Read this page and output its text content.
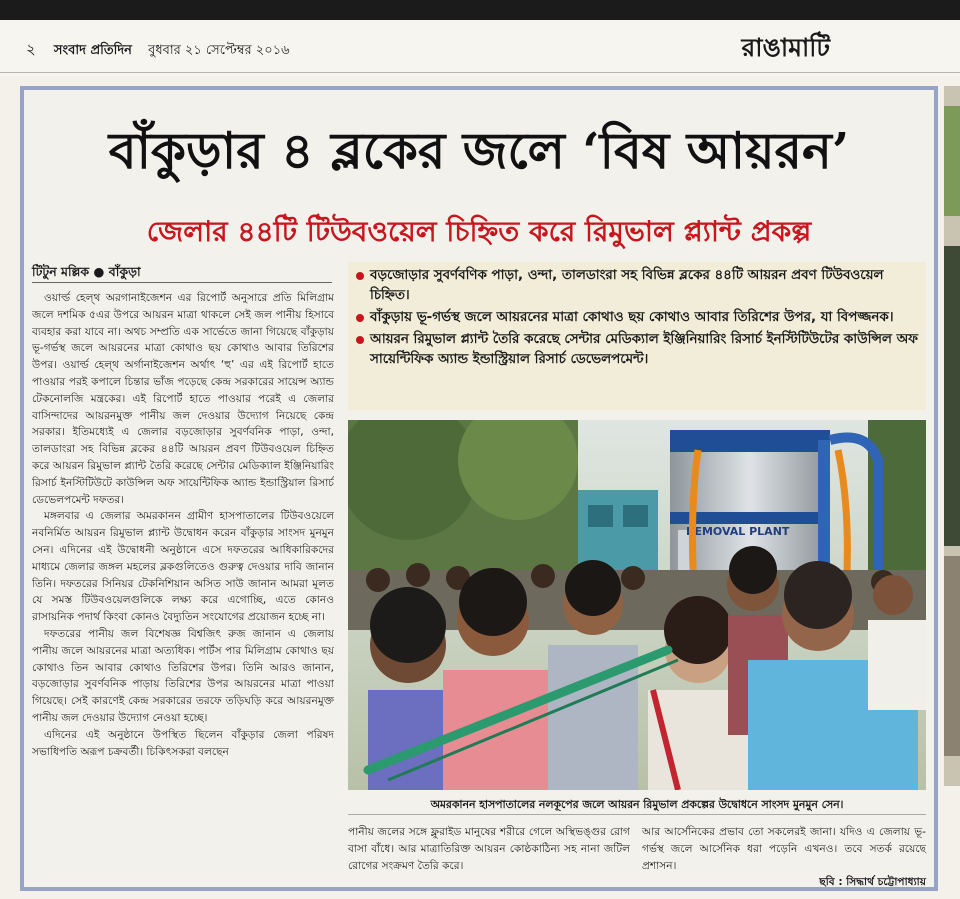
২ সংবাদ প্রতিদিন বুধবার ২১ সেপ্টেম্বর ২০১৬	রাঙামাটি
বাঁকুড়ার ৪ ব্লকের জলে ‘বিষ আয়রন’
জেলার ৪৪টি টিউবওয়েল চিহ্নিত করে রিমুভাল প্ল্যান্ট প্রকল্প
টিটুন মল্লিক ● বাঁকুড়া

ওয়ার্ল্ড হেল্থ অরগানাইজেশন এর রিপোর্ট অনুসারে প্রতি মিলিগ্রাম জলে দশমিক ৫এর উপরে আয়রন মাত্রা থাকলে সেই জল পানীয় হিসাবে ব্যবহার করা যাবে না। অথচ সম্প্রতি এক সার্ভেতে জানা গিয়েছে বাঁকুড়ায় ভূ-গর্ভস্থ জলে আয়রনের মাত্রা কোথাও ছয় কোথাও আবার তিরিশের উপর। ওয়ার্ল্ড হেল্থ অর্গানাইজেশন অর্থাৎ ‘হু’ এর এই রিপোর্ট হাতে পাওয়ার পরই কপালে চিন্তার ভাঁজ পড়েছে কেন্দ্র সরকারের সায়েন্স অ্যান্ড টেকনোলজি মন্ত্রকের। এই রিপোর্ট হাতে পাওয়ার পরেই এ জেলার বাসিন্দাদের আয়রনমুক্ত পানীয় জল দেওয়ার উদ্যোগ নিয়েছে কেন্দ্র সরকার। ইতিমধ্যেই এ জেলার বড়জোড়ার সুবর্ণবনিক পাড়া, ওন্দা, তালডাংরা সহ বিভিন্ন ব্লকের ৪৪টি আয়রন প্রবণ টিউবওয়েল চিহ্নিত করে আয়রন রিমুভাল প্ল্যান্ট তৈরি করেছে সেন্টার মেডিক্যাল ইঞ্জিনিয়ারিং রিসার্চ ইনস্টিটিউটে কাউন্সিল অফ সায়েন্টিফিক অ্যান্ড ইন্ডাস্ট্রিয়াল রিসার্চ ডেভেলপমেন্ট দফতর।

মঙ্গলবার এ জেলার অমরকানন গ্রামীণ হাসপাতালের টিউবওয়েলে নবনির্মিত আয়রন রিমুভাল প্ল্যান্ট উদ্বোধন করেন বাঁকুড়ার সাংসদ মুনমুন সেন। এদিনের এই উদ্বোধনী অনুষ্ঠানে এসে দফতরের আধিকারিকদের মাধ্যমে জেলার জঙ্গল মহলের ব্লকগুলিতেও গুরুত্ব দেওয়ার দাবি জানান তিনি। দফতরের সিনিয়র টেকনিশিয়ান অসিত সাউ জানান আমরা মূলত যে সমস্ত টিউবওয়েলগুলিকে লক্ষ্য করে এগোচ্ছি, এতে কোনও রাসায়নিক পদার্থ কিংবা কোনও বৈদ্যুতিন সংযোগের প্রয়োজন হচ্ছে না।

দফতরের পানীয় জল বিশেষজ্ঞ বিশ্বজিৎ রুজ জানান এ জেলায় পানীয় জলে আয়রনের মাত্রা অত্যধিক। পার্টস পার মিলিগ্রাম কোথাও ছয় কোথাও তিন আবার কোথাও তিরিশের উপর। তিনি আরও জানান, বড়জোড়ার সুবর্ণবনিক পাড়ায় তিরিশের উপর আয়রনের মাত্রা পাওয়া গিয়েছে। সেই কারণেই কেন্দ্র সরকারের তরফে তড়িঘড়ি করে আয়রনমুক্ত পানীয় জল দেওয়ার উদ্যোগ নেওয়া হচ্ছে।

এদিনের এই অনুষ্ঠানে উপস্থিত ছিলেন বাঁকুড়ার জেলা পরিষদ সভাধিপতি অরূপ চক্রবর্তী। চিকিৎসকরা বলছেন

বড়জোড়ার সুবর্ণবণিক পাড়া, ওন্দা, তালডাংরা সহ বিভিন্ন ব্লকের ৪৪টি আয়রন প্রবণ টিউবওয়েল চিহ্নিত।
বাঁকুড়ায় ভূ-গর্ভস্থ জলে আয়রনের মাত্রা কোথাও ছয় কোথাও আবার তিরিশের উপর, যা বিপজ্জনক।
আয়রন রিমুভাল প্ল্যান্ট তৈরি করেছে সেন্টার মেডিক্যাল ইঞ্জিনিয়ারিং রিসার্চ ইনস্টিটিউটের কাউন্সিল অফ সায়েন্টিফিক অ্যান্ড ইন্ডাস্ট্রিয়াল রিসার্চ ডেভেলপমেন্ট।
REMOVAL PLANT
অমরকানন হাসপাতালের নলকূপের জলে আয়রন রিমুভাল প্রকল্পের উদ্বোধনে সাংসদ মুনমুন সেন।

পানীয় জলের সঙ্গে ফ্লুরাইড মানুষের শরীরে গেলে অস্থিভঙ্গুর রোগ বাসা বাঁধে। আর মাত্রাতিরিক্ত আয়রন কোষ্ঠকাঠিন্য সহ নানা জটিল রোগের সংক্রমণ তৈরি করে।

আর আর্সেনিকের প্রভাব তো সকলেরই জানা। যদিও এ জেলায় ভূ-গর্ভস্থ জলে আর্সেনিক ধরা পড়েনি এখনও। তবে সতর্ক রয়েছে প্রশাসন।
ছবি : সিদ্ধার্থ চট্টোপাধ্যায়
